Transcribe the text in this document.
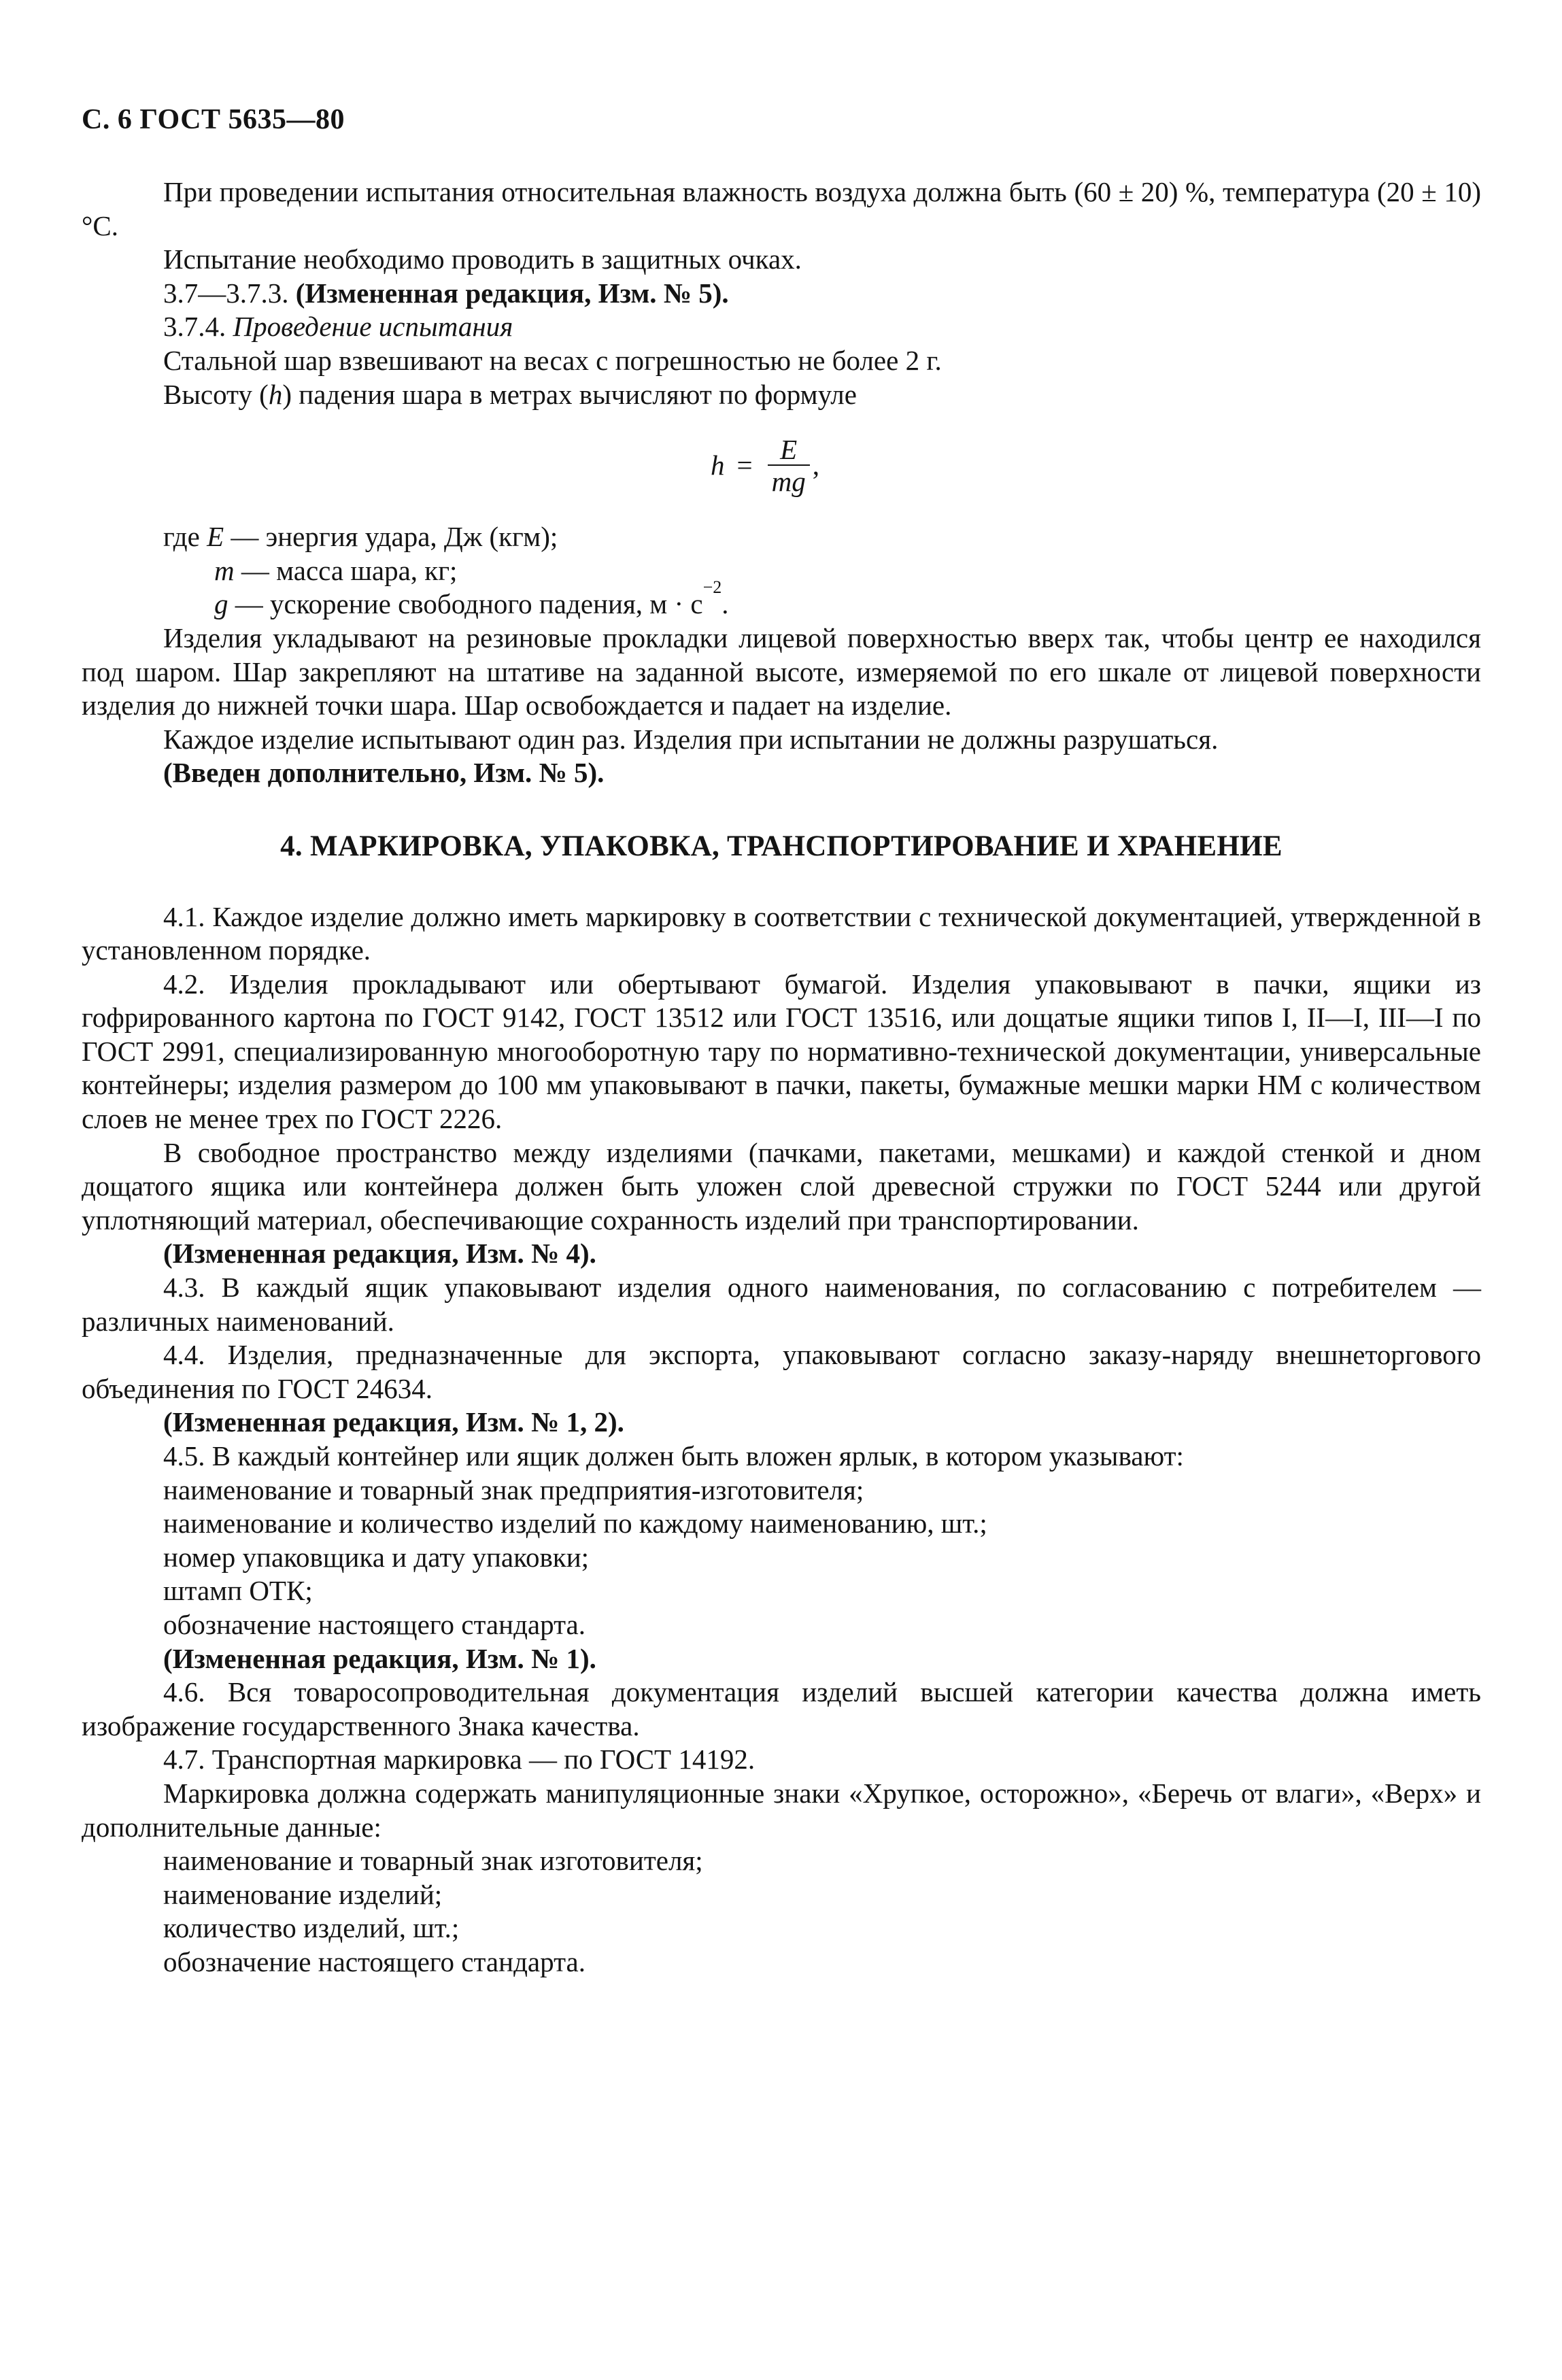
С. 6 ГОСТ 5635—80

При проведении испытания относительная влажность воздуха должна быть (60 ± 20) %, температура (20 ± 10) °С.

Испытание необходимо проводить в защитных очках.

3.7—3.7.3. (Измененная редакция, Изм. № 5).

3.7.4. Проведение испытания

Стальной шар взвешивают на весах с погрешностью не более 2 г.

Высоту (h) падения шара в метрах вычисляют по формуле

$h = \frac{E}{mg}$ ,
где E — энергия удара, Дж (кгм);
m — масса шара, кг;
g — ускорение свободного падения, м · с
−2
.

Изделия укладывают на резиновые прокладки лицевой поверхностью вверх так, чтобы центр ее находился под шаром. Шар закрепляют на штативе на заданной высоте, измеряемой по его шкале от лицевой поверхности изделия до нижней точки шара. Шар освобождается и падает на изделие.

Каждое изделие испытывают один раз. Изделия при испытании не должны разрушаться.

(Введен дополнительно, Изм. № 5).

4. МАРКИРОВКА, УПАКОВКА, ТРАНСПОРТИРОВАНИЕ И ХРАНЕНИЕ

4.1. Каждое изделие должно иметь маркировку в соответствии с технической документацией, утвержденной в установленном порядке.

4.2. Изделия прокладывают или обертывают бумагой. Изделия упаковывают в пачки, ящики из гофрированного картона по ГОСТ 9142, ГОСТ 13512 или ГОСТ 13516, или дощатые ящики типов I, II—I, III—I по ГОСТ 2991, специализированную многооборотную тару по нормативно-технической документации, универсальные контейнеры; изделия размером до 100 мм упаковывают в пачки, пакеты, бумажные мешки марки НМ с количеством слоев не менее трех по ГОСТ 2226.

В свободное пространство между изделиями (пачками, пакетами, мешками) и каждой стенкой и дном дощатого ящика или контейнера должен быть уложен слой древесной стружки по ГОСТ 5244 или другой уплотняющий материал, обеспечивающие сохранность изделий при транспортировании.

(Измененная редакция, Изм. № 4).

4.3. В каждый ящик упаковывают изделия одного наименования, по согласованию с потребителем — различных наименований.

4.4. Изделия, предназначенные для экспорта, упаковывают согласно заказу-наряду внешнеторгового объединения по ГОСТ 24634.

(Измененная редакция, Изм. № 1, 2).

4.5. В каждый контейнер или ящик должен быть вложен ярлык, в котором указывают:

наименование и товарный знак предприятия-изготовителя;
наименование и количество изделий по каждому наименованию, шт.;
номер упаковщика и дату упаковки;
штамп ОТК;
обозначение настоящего стандарта.

(Измененная редакция, Изм. № 1).

4.6. Вся товаросопроводительная документация изделий высшей категории качества должна иметь изображение государственного Знака качества.

4.7. Транспортная маркировка — по ГОСТ 14192.

Маркировка должна содержать манипуляционные знаки «Хрупкое, осторожно», «Беречь от влаги», «Верх» и дополнительные данные:

наименование и товарный знак изготовителя;
наименование изделий;
количество изделий, шт.;
обозначение настоящего стандарта.
